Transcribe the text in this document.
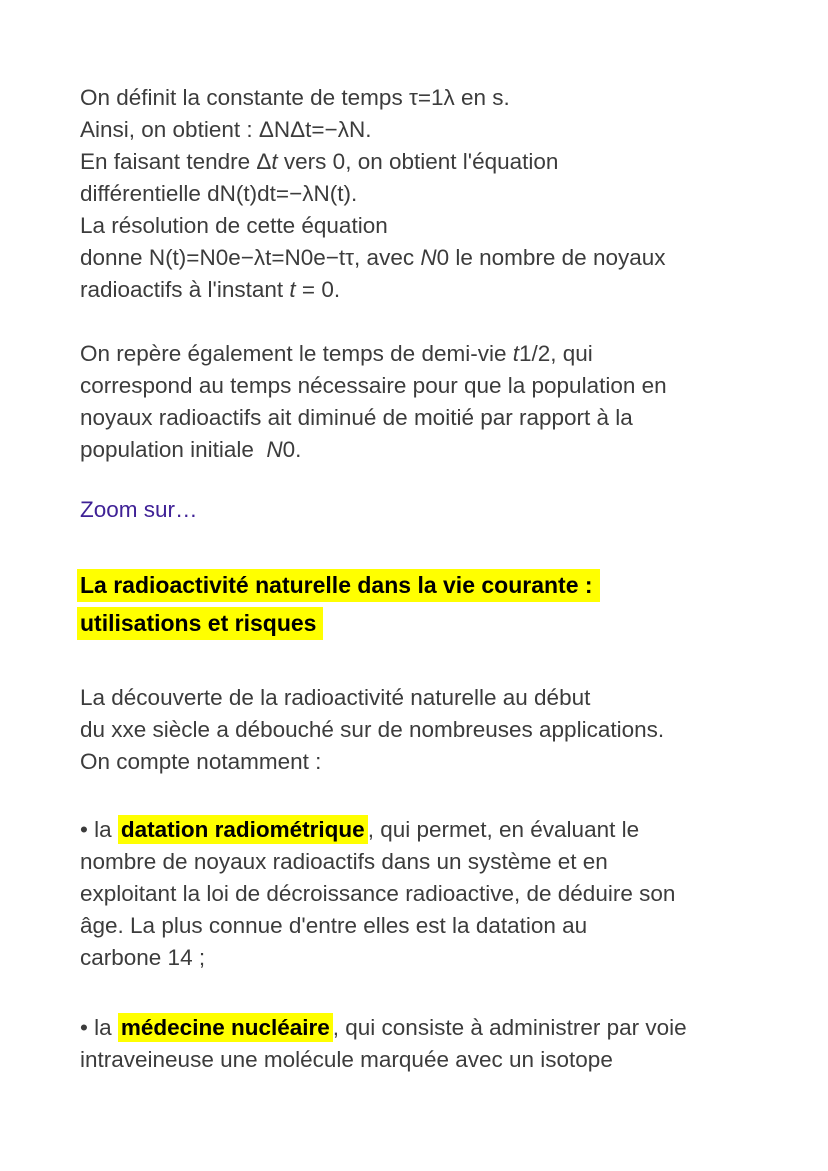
On définit la constante de temps τ=1λ en s.
Ainsi, on obtient : ΔNΔt=−λN.
En faisant tendre Δt vers 0, on obtient l'équation
différentielle dN(t)dt=−λN(t).
La résolution de cette équation
donne N(t)=N0e−λt=N0e−tτ, avec N0 le nombre de noyaux
radioactifs à l'instant t = 0.

On repère également le temps de demi-vie t1/2, qui
correspond au temps nécessaire pour que la population en
noyaux radioactifs ait diminué de moitié par rapport à la
population initiale  N0.

Zoom sur…

La radioactivité naturelle dans la vie courante :
utilisations et risques

La découverte de la radioactivité naturelle au début
du xxe siècle a débouché sur de nombreuses applications.
On compte notamment :

• la datation radiométrique , qui permet, en évaluant le
nombre de noyaux radioactifs dans un système et en
exploitant la loi de décroissance radioactive, de déduire son
âge. La plus connue d'entre elles est la datation au
carbone 14 ;

• la médecine nucléaire , qui consiste à administrer par voie
intraveineuse une molécule marquée avec un isotope
